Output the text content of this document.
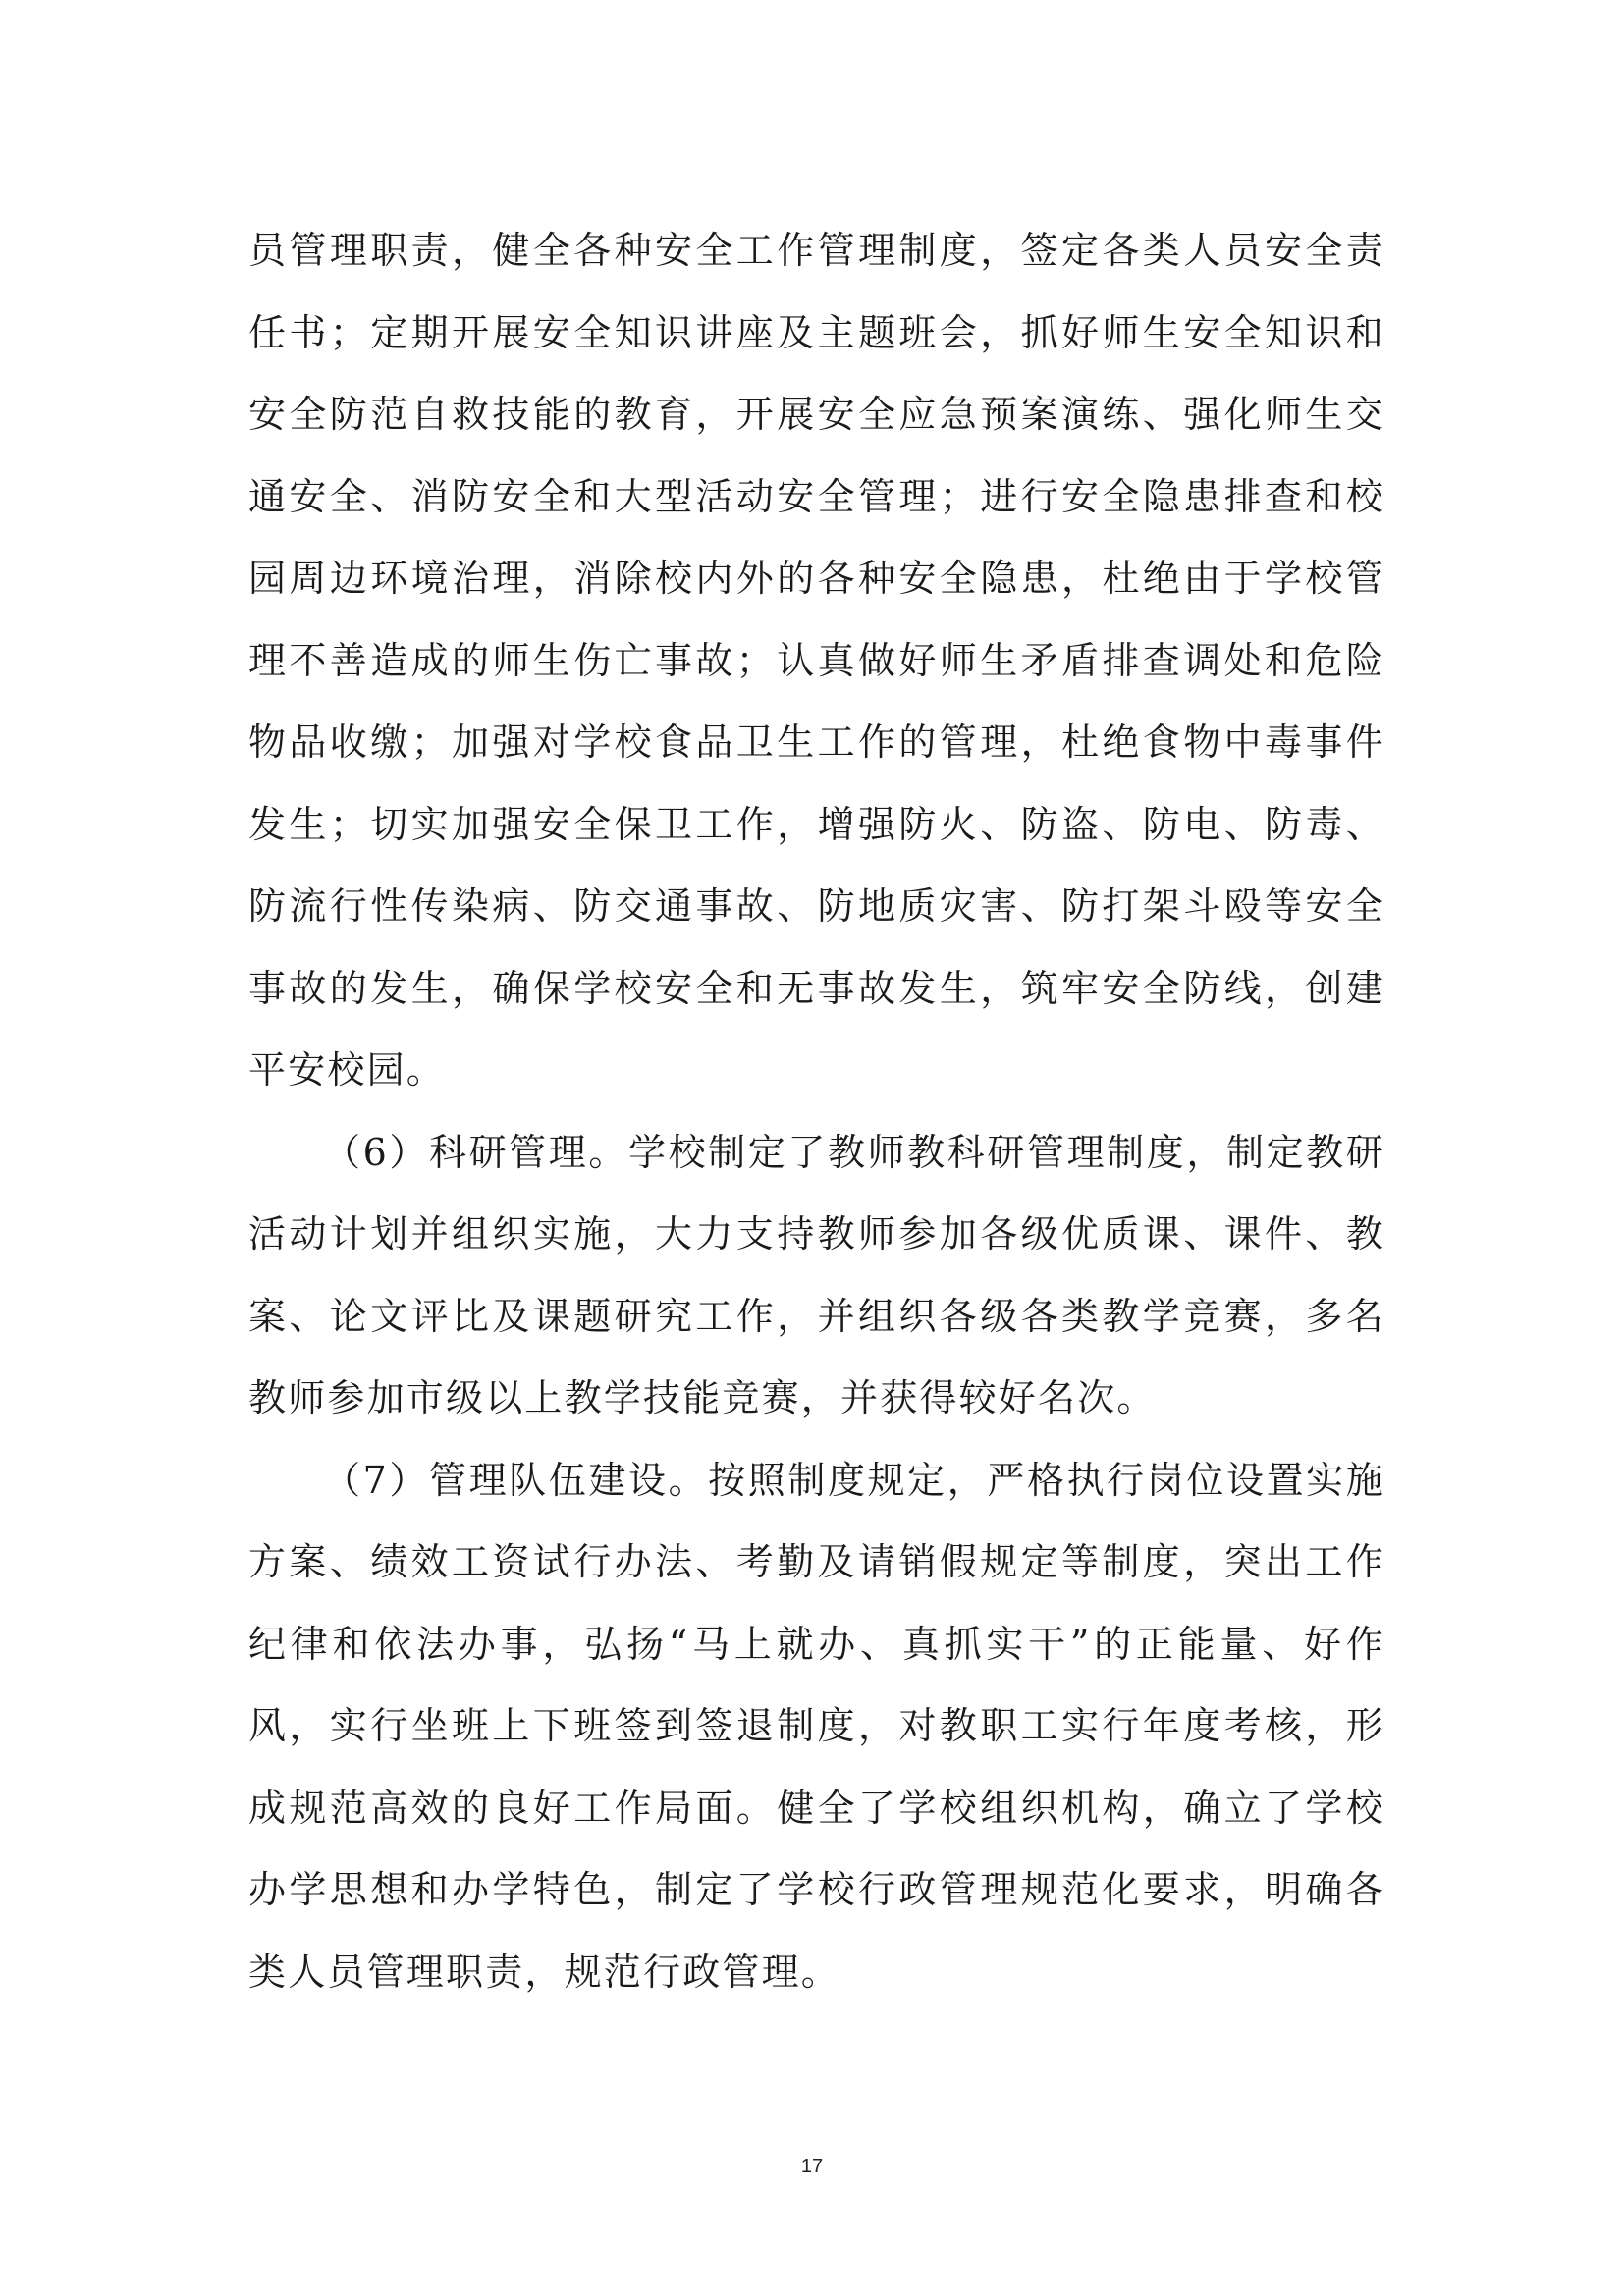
员管理职责，健全各种安全工作管理制度，签定各类人员安全责任书；定期开展安全知识讲座及主题班会，抓好师生安全知识和安全防范自救技能的教育，开展安全应急预案演练、强化师生交通安全、消防安全和大型活动安全管理；进行安全隐患排查和校园周边环境治理，消除校内外的各种安全隐患，杜绝由于学校管理不善造成的师生伤亡事故；认真做好师生矛盾排查调处和危险物品收缴；加强对学校食品卫生工作的管理，杜绝食物中毒事件发生；切实加强安全保卫工作，增强防火、防盗、防电、防毒、防流行性传染病、防交通事故、防地质灾害、防打架斗殴等安全事故的发生，确保学校安全和无事故发生，筑牢安全防线，创建平安校园。

（6）科研管理。学校制定了教师教科研管理制度，制定教研活动计划并组织实施，大力支持教师参加各级优质课、课件、教案、论文评比及课题研究工作，并组织各级各类教学竞赛，多名教师参加市级以上教学技能竞赛，并获得较好名次。

（7）管理队伍建设。按照制度规定，严格执行岗位设置实施方案、绩效工资试行办法、考勤及请销假规定等制度，突出工作纪律和依法办事，弘扬“马上就办、真抓实干”的正能量、好作风，实行坐班上下班签到签退制度，对教职工实行年度考核，形成规范高效的良好工作局面。健全了学校组织机构，确立了学校办学思想和办学特色，制定了学校行政管理规范化要求，明确各类人员管理职责，规范行政管理。

17
